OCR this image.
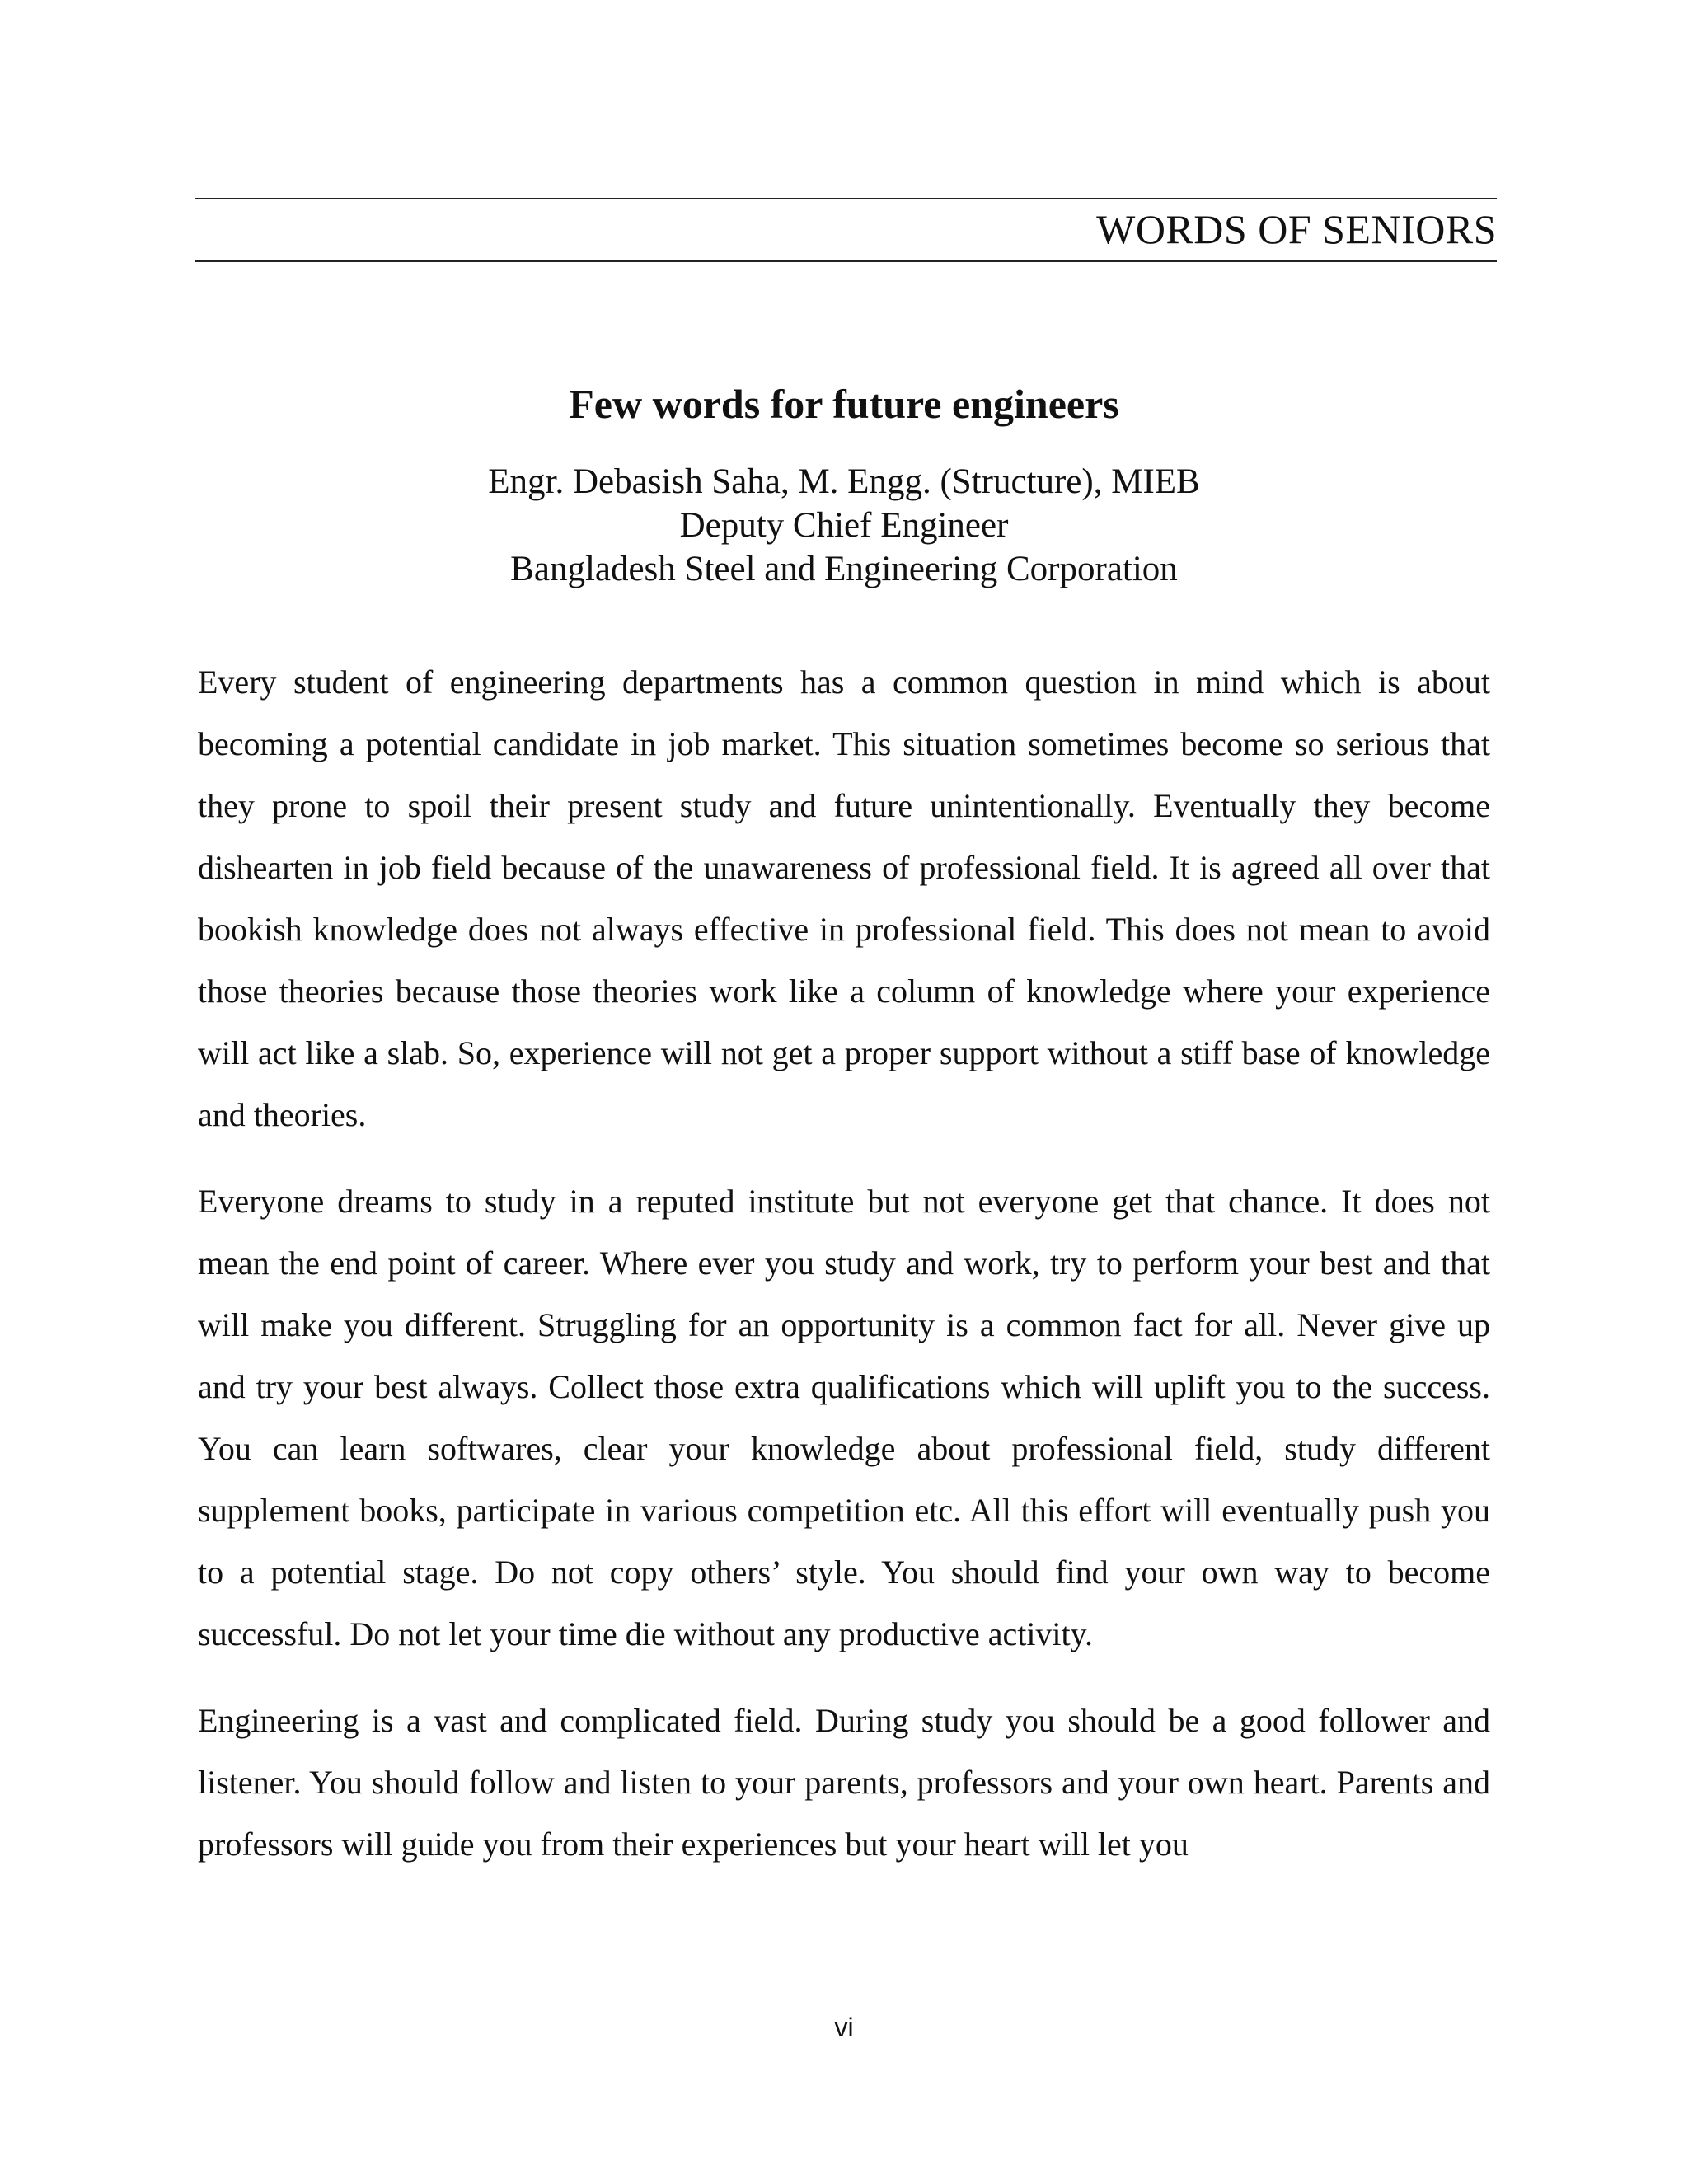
WORDS OF SENIORS
Few words for future engineers
Engr. Debasish Saha, M. Engg. (Structure), MIEB
Deputy Chief Engineer
Bangladesh Steel and Engineering Corporation

Every student of engineering departments has a common question in mind which is about becoming a potential candidate in job market. This situation sometimes become so serious that they prone to spoil their present study and future unintentionally. Eventually they become dishearten in job field because of the unawareness of professional field. It is agreed all over that bookish knowledge does not always effective in professional field. This does not mean to avoid those theories because those theories work like a column of knowledge where your experience will act like a slab. So, experience will not get a proper support without a stiff base of knowledge and theories.

Everyone dreams to study in a reputed institute but not everyone get that chance. It does not mean the end point of career. Where ever you study and work, try to perform your best and that will make you different. Struggling for an opportunity is a common fact for all. Never give up and try your best always. Collect those extra qualifications which will uplift you to the success. You can learn softwares, clear your knowledge about professional field, study different supplement books, participate in various competition etc. All this effort will eventually push you to a potential stage. Do not copy others’ style. You should find your own way to become successful. Do not let your time die without any productive activity.

Engineering is a vast and complicated field. During study you should be a good follower and listener. You should follow and listen to your parents, professors and your own heart. Parents and professors will guide you from their experiences but your heart will let you

vi
